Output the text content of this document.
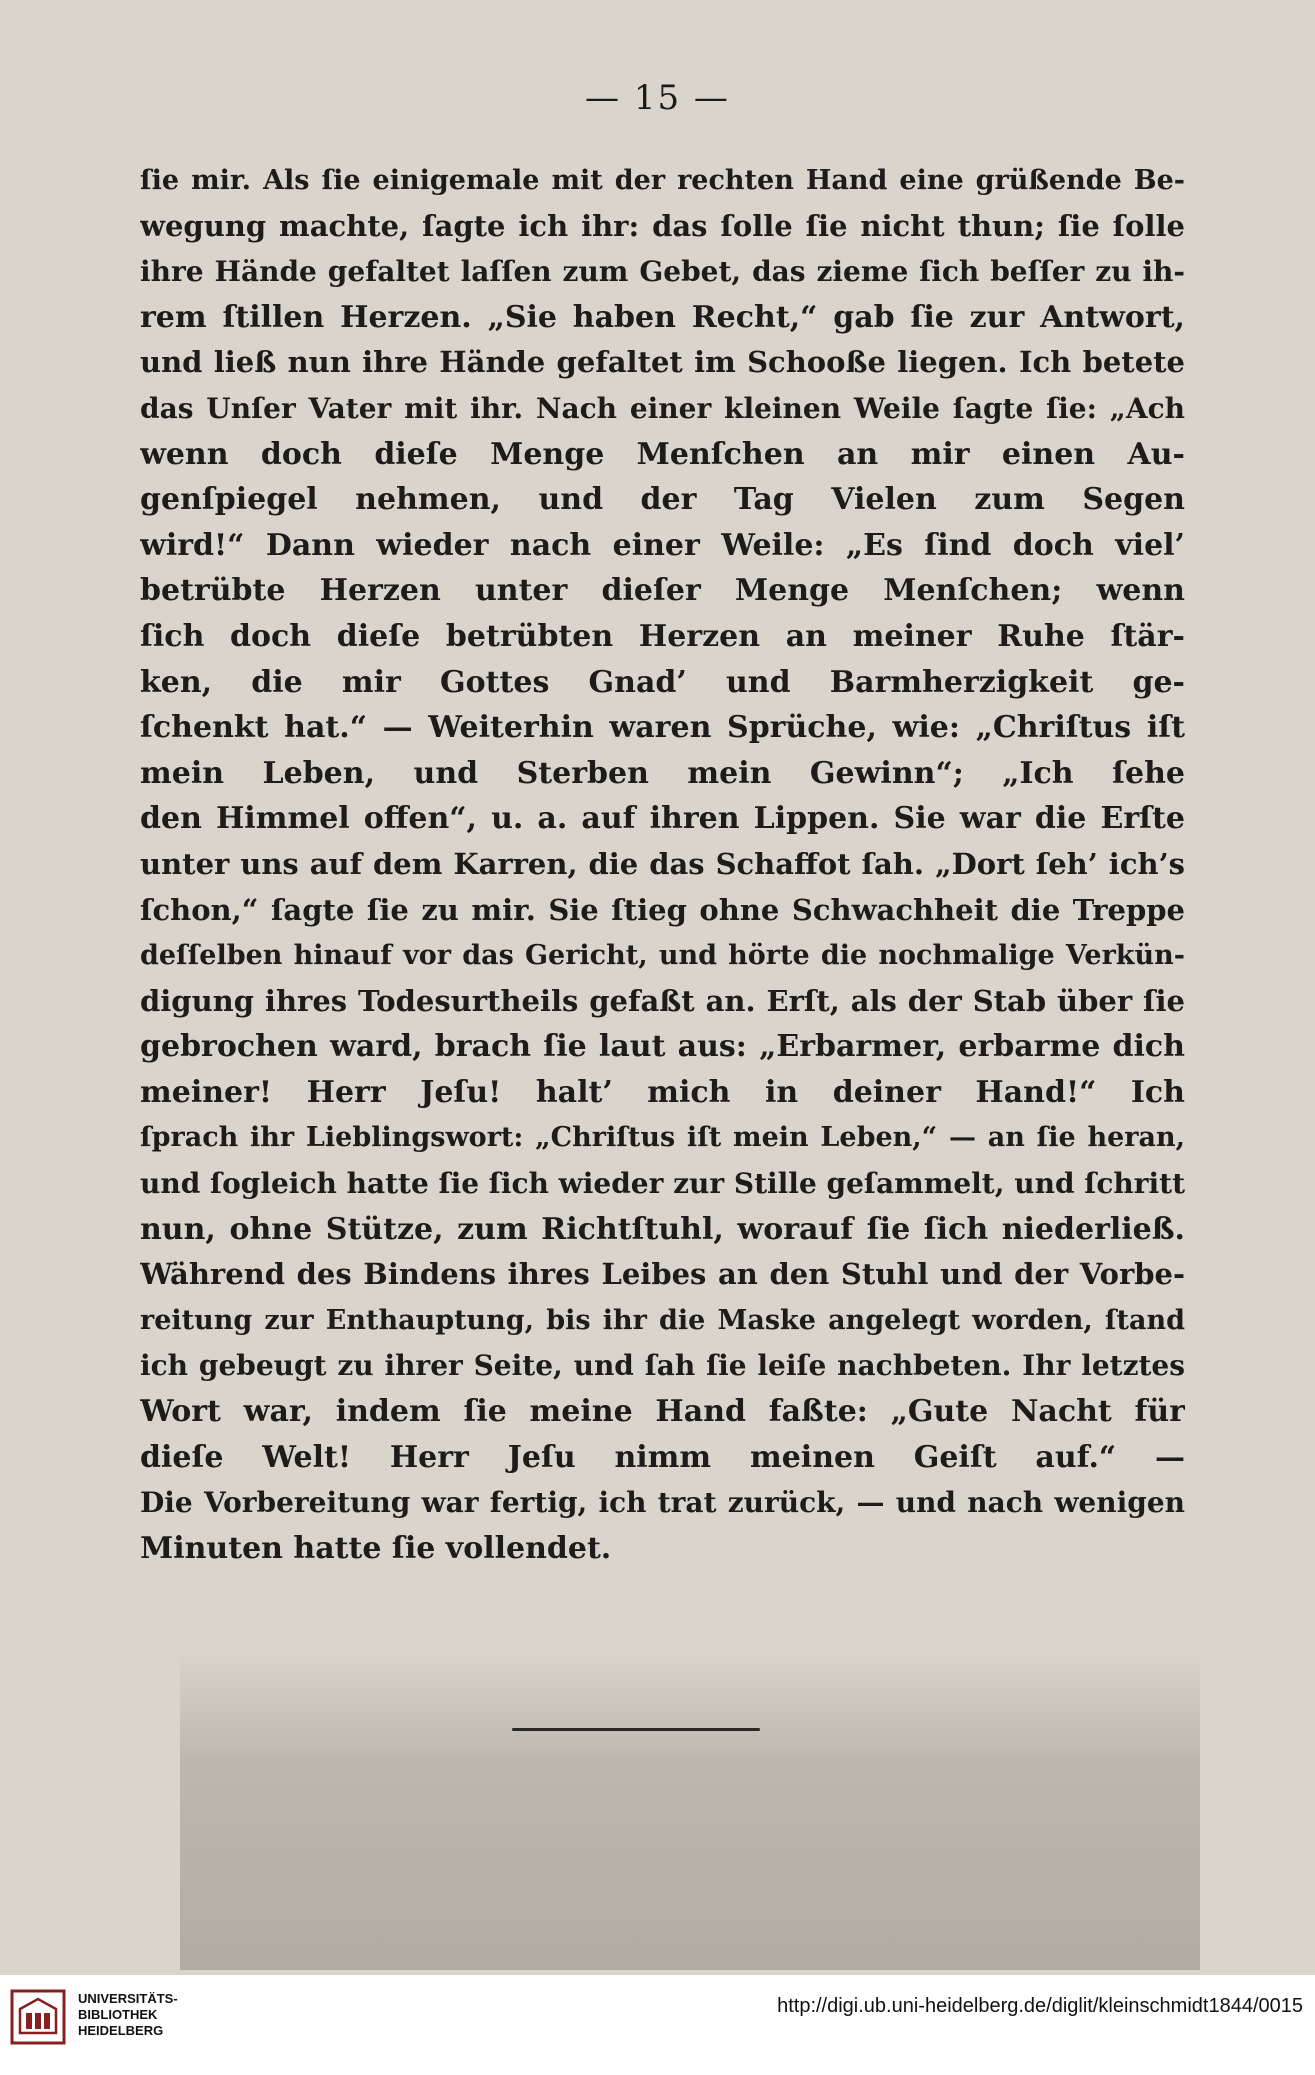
— 15 —
ſie mir. Als ſie einigemale mit der rechten Hand eine grüßende Be-
wegung machte, ſagte ich ihr: das ſolle ſie nicht thun; ſie ſolle
ihre Hände gefaltet laſſen zum Gebet, das zieme ſich beſſer zu ih-
rem ſtillen Herzen. „Sie haben Recht,“ gab ſie zur Antwort,
und ließ nun ihre Hände gefaltet im Schooße liegen. Ich betete
das Unſer Vater mit ihr. Nach einer kleinen Weile ſagte ſie: „Ach
wenn doch dieſe Menge Menſchen an mir einen Au-
genſpiegel nehmen, und der Tag Vielen zum Segen
wird!“ Dann wieder nach einer Weile: „Es ſind doch viel’
betrübte Herzen unter dieſer Menge Menſchen; wenn
ſich doch dieſe betrübten Herzen an meiner Ruhe ſtär-
ken, die mir Gottes Gnad’ und Barmherzigkeit ge-
ſchenkt hat.“ — Weiterhin waren Sprüche, wie: „Chriſtus iſt
mein Leben, und Sterben mein Gewinn“; „Ich ſehe
den Himmel offen“, u. a. auf ihren Lippen. Sie war die Erſte
unter uns auf dem Karren, die das Schaffot ſah. „Dort ſeh’ ich’s
ſchon,“ ſagte ſie zu mir. Sie ſtieg ohne Schwachheit die Treppe
deſſelben hinauf vor das Gericht, und hörte die nochmalige Verkün-
digung ihres Todesurtheils gefaßt an. Erſt, als der Stab über ſie
gebrochen ward, brach ſie laut aus: „Erbarmer, erbarme dich
meiner! Herr Jeſu! halt’ mich in deiner Hand!“ Ich
ſprach ihr Lieblingswort: „Chriſtus iſt mein Leben,“ — an ſie heran,
und ſogleich hatte ſie ſich wieder zur Stille geſammelt, und ſchritt
nun, ohne Stütze, zum Richtſtuhl, worauf ſie ſich niederließ.
Während des Bindens ihres Leibes an den Stuhl und der Vorbe-
reitung zur Enthauptung, bis ihr die Maske angelegt worden, ſtand
ich gebeugt zu ihrer Seite, und ſah ſie leiſe nachbeten. Ihr letztes
Wort war, indem ſie meine Hand faßte: „Gute Nacht für
dieſe Welt! Herr Jeſu nimm meinen Geiſt auf.“ —
Die Vorbereitung war fertig, ich trat zurück, — und nach wenigen
Minuten hatte ſie vollendet.
UNIVERSITÄTS-
BIBLIOTHEK
HEIDELBERG
http://digi.ub.uni-heidelberg.de/diglit/kleinschmidt1844/0015
